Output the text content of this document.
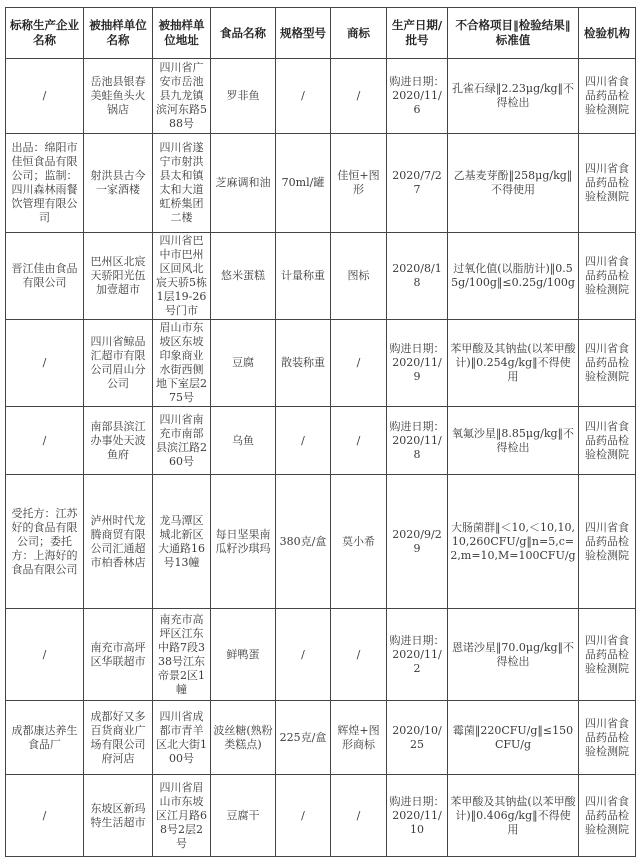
标称生产企业名称	被抽样单位名称	被抽样单位地址	食品名称	规格型号	商标	生产日期/批号	不合格项目‖检验结果‖标准值	检验机构
/	岳池县银春美蛙鱼头火锅店	四川省广安市岳池县九龙镇滨河东路588号	罗非鱼	/	/	购进日期：2020/11/6	孔雀石绿‖2.23μg/kg‖不得检出	四川省食品药品检验检测院
出品：绵阳市佳恒食品有限公司；监制：四川森林雨餐饮管理有限公司	射洪县古今一家酒楼	四川省遂宁市射洪县太和镇太和大道虹桥集团二楼	芝麻调和油	70ml/罐	佳恒+图形	2020/7/27	乙基麦芽酚‖258μg/kg‖不得使用	四川省食品药品检验检测院
晋江佳由食品有限公司	巴州区北宸天骄阳光伍加壹超市	四川省巴中市巴州区回风北宸天骄5栋1层19-26号门市	悠米蛋糕	计量称重	图标	2020/8/18	过氧化值(以脂肪计)‖0.55g/100g‖≤0.25g/100g	四川省食品药品检验检测院
/	四川省鲸品汇超市有限公司眉山分公司	眉山市东坡区东坡印象商业水街西侧地下室层275号	豆腐	散装称重	/	购进日期：2020/11/9	苯甲酸及其钠盐(以苯甲酸计)‖0.254g/kg‖不得使用	四川省食品药品检验检测院
/	南部县滨江办事处天波鱼府	四川省南充市南部县滨江路260号	乌鱼	/	/	购进日期：2020/11/8	氧氟沙星‖8.85μg/kg‖不得检出	四川省食品药品检验检测院
受托方：江苏好的食品有限公司；委托方：上海好的食品有限公司	泸州时代龙腾商贸有限公司汇通超市柏香林店	龙马潭区城北新区大通路16号13幢	每日坚果南瓜籽沙琪玛	380克/盒	莫小希	2020/9/29	大肠菌群‖＜10,＜10,10,10,260CFU/g‖n=5,c=2,m=10,M=100CFU/g	四川省食品药品检验检测院
/	南充市高坪区华联超市	南充市高坪区江东中路7段338号江东帝景2区1幢	鲜鸭蛋	/	/	购进日期：2020/11/2	恩诺沙星‖70.0μg/kg‖不得检出	四川省食品药品检验检测院
成都康达养生食品厂	成都好又多百货商业广场有限公司府河店	四川省成都市青羊区北大街100号	波丝糖(熟粉类糕点)	225克/盒	辉煌+图形商标	2020/10/25	霉菌‖220CFU/g‖≤150CFU/g	四川省食品药品检验检测院
/	东坡区新玛特生活超市	四川省眉山市东坡区江月路68号2层2号	豆腐干	/	/	购进日期：2020/11/10	苯甲酸及其钠盐(以苯甲酸计)‖0.406g/kg‖不得使用	四川省食品药品检验检测院
